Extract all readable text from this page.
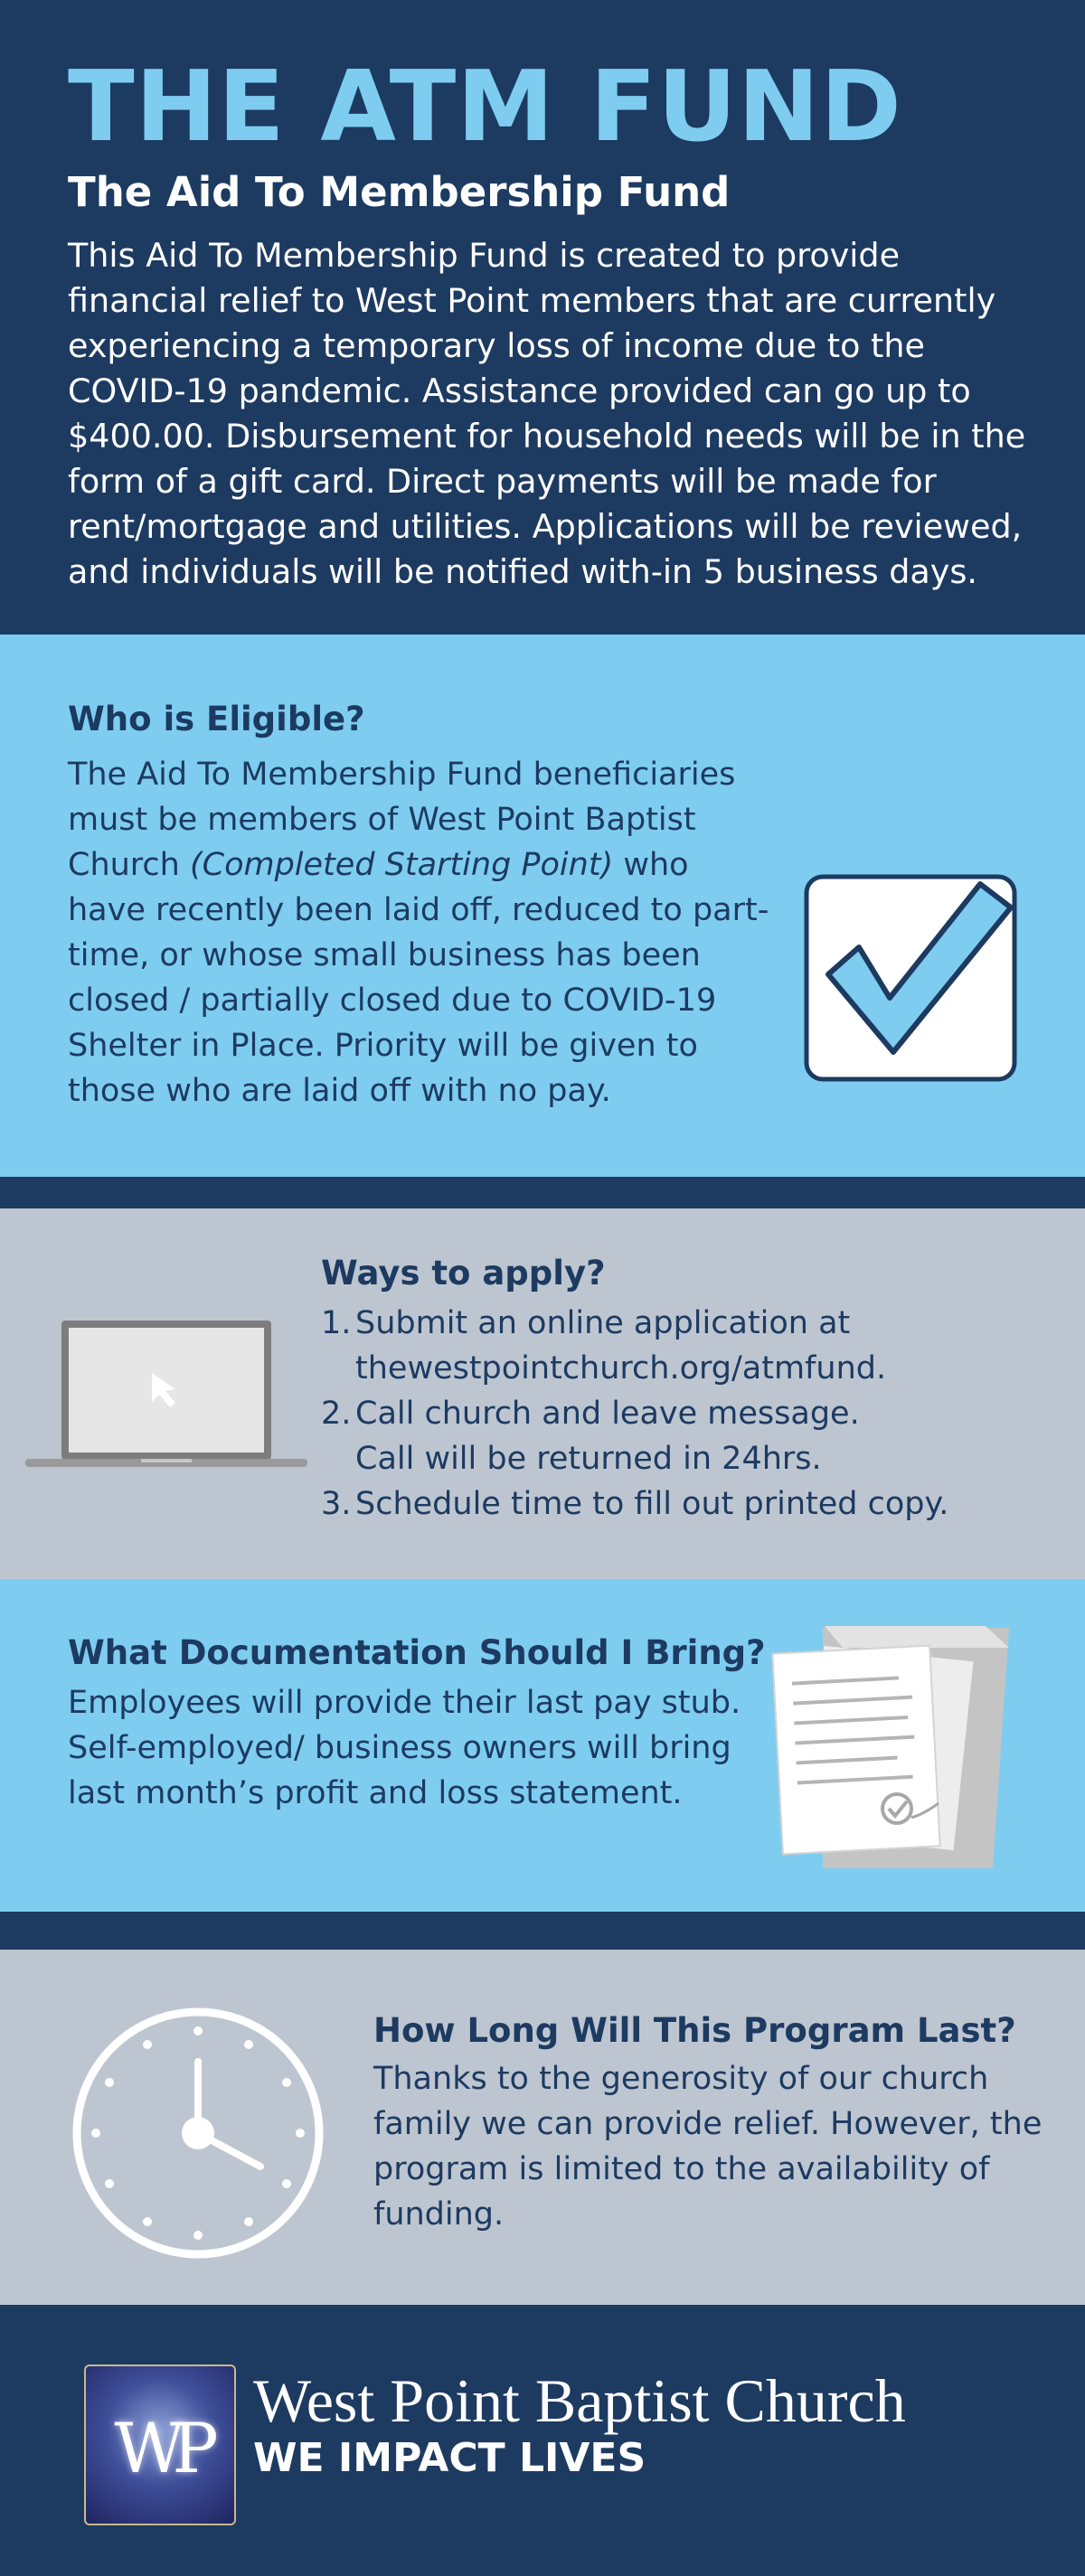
THE ATM FUND
The Aid To Membership Fund

This Aid To Membership Fund is created to provide financial relief to West Point members that are currently experiencing a temporary loss of income due to the COVID-19 pandemic. Assistance provided can go up to $400.00. Disbursement for household needs will be in the form of a gift card. Direct payments will be made for rent/mortgage and utilities. Applications will be reviewed, and individuals will be notified with-in 5 business days.

Who is Eligible?

The Aid To Membership Fund beneficiaries must be members of West Point Baptist Church (Completed Starting Point) who have recently been laid off, reduced to part-time, or whose small business has been closed / partially closed due to COVID-19 Shelter in Place. Priority will be given to those who are laid off with no pay.

Ways to apply?
1. Submit an online application at
thewestpointchurch.org/atmfund.
2. Call church and leave message.
Call will be returned in 24hrs.
3. Schedule time to fill out printed copy.
What Documentation Should I Bring?

Employees will provide their last pay stub. Self-employed/ business owners will bring last month’s profit and loss statement.

How Long Will This Program Last?

Thanks to the generosity of our church family we can provide relief. However, the program is limited to the availability of funding.

WP
West Point Baptist Church
WE IMPACT LIVES
